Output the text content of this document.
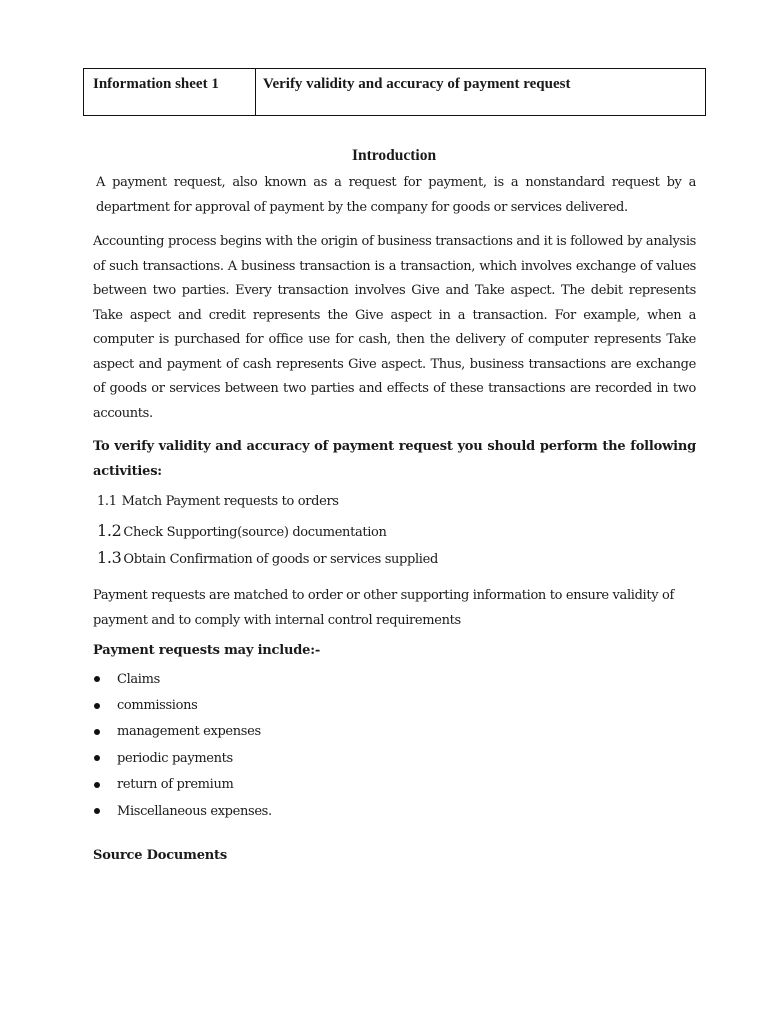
Information sheet 1	Verify validity and accuracy of payment request
Introduction
A payment request, also known as a request for payment, is a nonstandard request by a
department for approval of payment by the company for goods or services delivered.
Accounting process begins with the origin of business transactions and it is followed by analysis of such transactions. A business transaction is a transaction, which involves exchange of values between two parties. Every transaction involves Give and Take aspect. The debit represents Take aspect and credit represents the Give aspect in a transaction. For example, when a computer is purchased for office use for cash, then the delivery of computer represents Take aspect and payment of cash represents Give aspect. Thus, business transactions are exchange of goods or services between two parties and effects of these transactions are recorded in two accounts.
To verify validity and accuracy of payment request you should perform the following activities:
1.1 Match Payment requests to orders
1.2 Check Supporting(source) documentation
1.3 Obtain Confirmation of goods or services supplied
Payment requests are matched to order or other supporting information to ensure validity of payment and to comply with internal control requirements
Payment requests may include:-
Claims
commissions
management expenses
periodic payments
return of premium
Miscellaneous expenses.
Source Documents
